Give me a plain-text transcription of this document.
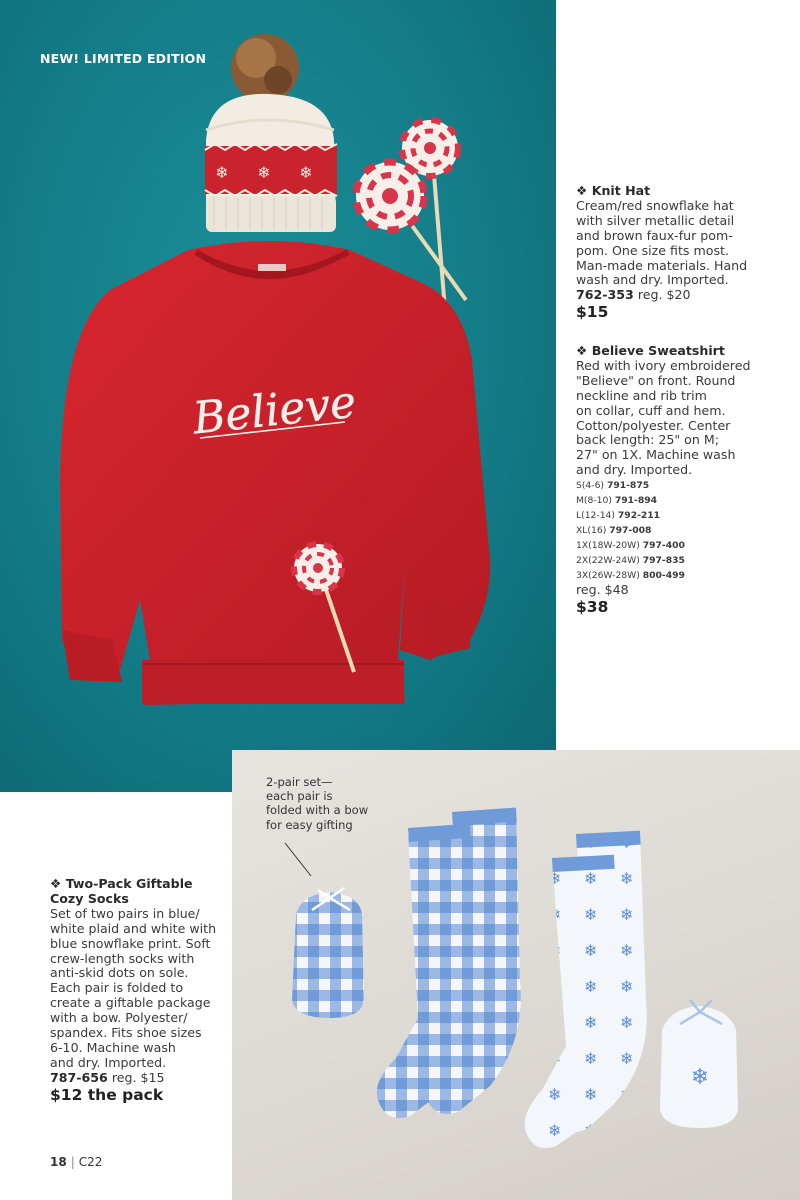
NEW! LIMITED EDITION
Believe
❄ ❄ ❄
❖ Knit Hat
Cream/red snowflake hat
with silver metallic detail
and brown faux-fur pom-
pom. One size fits most.
Man-made materials. Hand
wash and dry. Imported.
762-353 reg. $20
$15
❖ Believe Sweatshirt
Red with ivory embroidered
"Believe" on front. Round
neckline and rib trim
on collar, cuff and hem.
Cotton/polyester. Center
back length: 25" on M;
27" on 1X. Machine wash
and dry. Imported.
S(4-6) 791-875
M(8-10) 791-894
L(12-14) 792-211
XL(16) 797-008
1X(18W-20W) 797-400
2X(22W-24W) 797-835
3X(26W-28W) 800-499
reg. $48
$38
2-pair set—
each pair is
folded with a bow
for easy gifting
❄
❖ Two-Pack Giftable
Cozy Socks
Set of two pairs in blue/
white plaid and white with
blue snowflake print. Soft
crew-length socks with
anti-skid dots on sole.
Each pair is folded to
create a giftable package
with a bow. Polyester/
spandex. Fits shoe sizes
6-10. Machine wash
and dry. Imported.
787-656 reg. $15
$12 the pack
18 | C22
